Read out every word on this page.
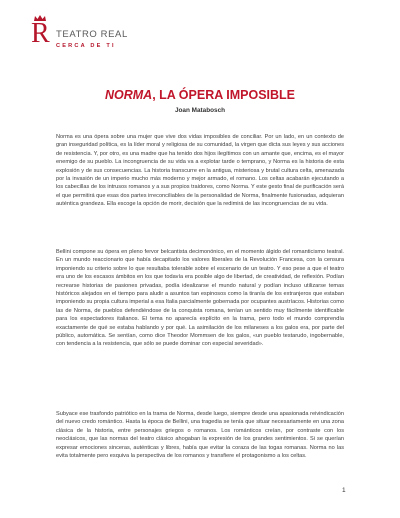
R TEATRO REAL
CERCA DE TI
NORMA, LA ÓPERA IMPOSIBLE
Joan Matabosch

Norma es una ópera sobre una mujer que vive dos vidas imposibles de conciliar. Por un lado, en un contexto de gran inseguridad política, es la líder moral y religiosa de su comunidad, la virgen que dicta sus leyes y sus acciones de resistencia. Y, por otro, es una madre que ha tenido dos hijos ilegítimos con un amante que, encima, es el mayor enemigo de su pueblo. La incongruencia de su vida va a explotar tarde o temprano, y Norma es la historia de esta explosión y de sus consecuencias. La historia transcurre en la antigua, misteriosa y brutal cultura celta, amenazada por la invasión de un imperio mucho más moderno y mejor armado, el romano. Los celtas acabarán ejecutando a los cabecillas de los intrusos romanos y a sus propios traidores, como Norma. Y este gesto final de purificación será el que permitirá que esas dos partes irreconciliables de la personalidad de Norma, finalmente fusionadas, adquieran auténtica grandeza. Ella escoge la opción de morir, decisión que la redimirá de las incongruencias de su vida.

Bellini compone su ópera en pleno fervor belcantista decimonónico, en el momento álgido del romanticismo teatral. En un mundo reaccionario que había decapitado los valores liberales de la Revolución Francesa, con la censura imponiendo su criterio sobre lo que resultaba tolerable sobre el escenario de un teatro. Y eso pese a que el teatro era uno de los escasos ámbitos en los que todavía era posible algo de libertad, de creatividad, de reflexión. Podían recrearse historias de pasiones privadas, podía idealizarse el mundo natural y podían incluso utilizarse temas históricos alejados en el tiempo para aludir a asuntos tan espinosos como la tiranía de los extranjeros que estaban imponiendo su propia cultura imperial a esa Italia parcialmente gobernada por ocupantes austríacos. Historias como las de Norma, de pueblos defendiéndose de la conquista romana, tenían un sentido muy fácilmente identificable para los espectadores italianos. El tema no aparecía explícito en la trama, pero todo el mundo comprendía exactamente de qué se estaba hablando y por qué. La asimilación de los milaneses a los galos era, por parte del público, automática. Se sentían, como dice Theodor Mommsen de los galos, «un pueblo testarudo, ingobernable, con tendencia a la resistencia, que sólo se puede dominar con especial severidad».

Subyace ese trasfondo patriótico en la trama de Norma, desde luego, siempre desde una apasionada reivindicación del nuevo credo romántico. Hasta la época de Bellini, una tragedia se tenía que situar necesariamente en una zona clásica de la historia, entre personajes griegos o romanos. Los románticos creían, por contraste con los neoclásicos, que las normas del teatro clásico ahogaban la expresión de los grandes sentimientos. Si se querían expresar emociones sinceras, auténticas y libres, había que evitar la coraza de las togas romanas. Norma no las evita totalmente pero esquiva la perspectiva de los romanos y transfiere el protagonismo a los celtas.

1
